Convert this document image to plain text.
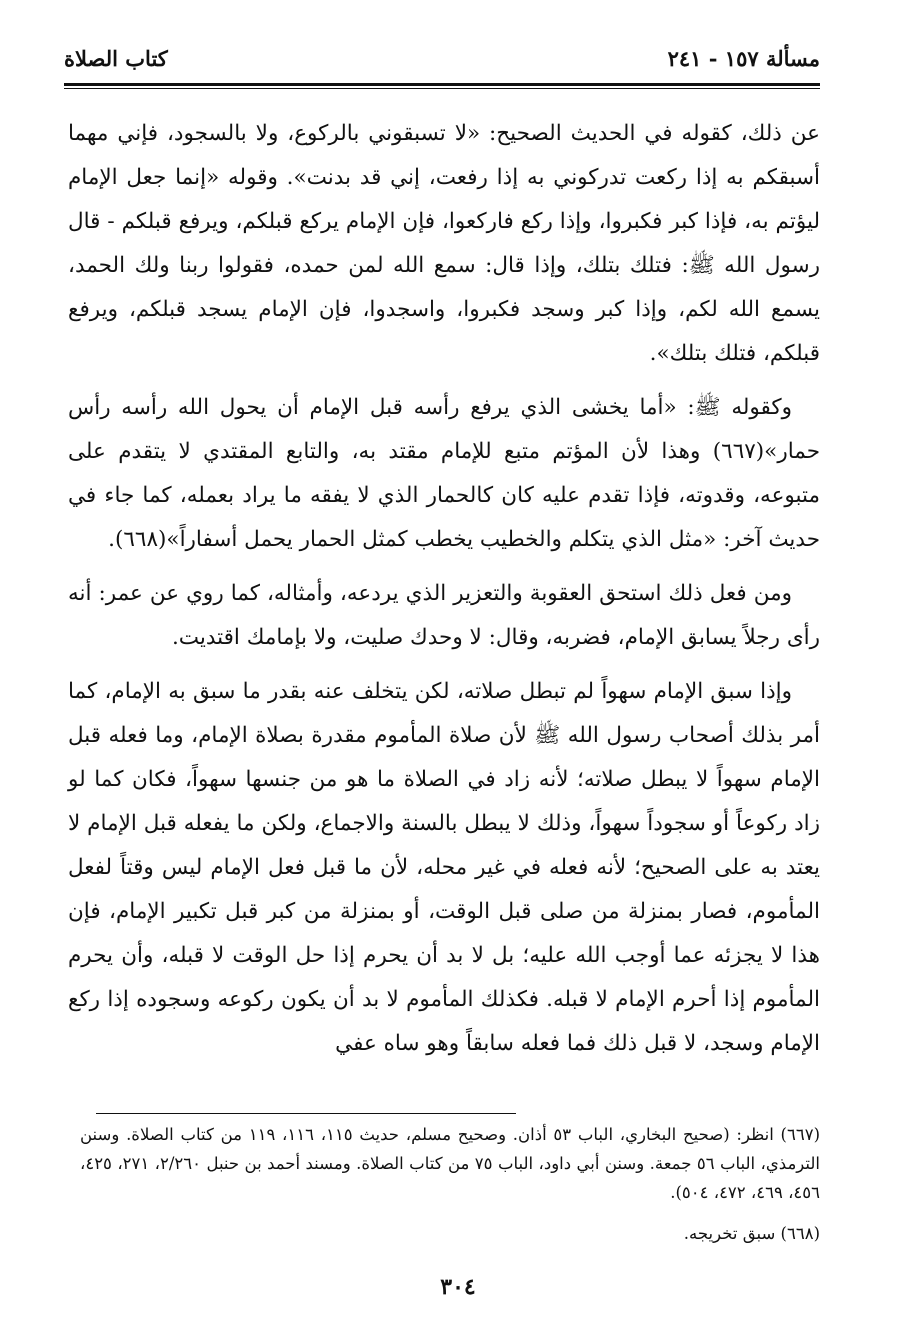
مسألة ١٥٧ - ٢٤١
كتاب الصلاة

عن ذلك، كقوله في الحديث الصحيح: «لا تسبقوني بالركوع، ولا بالسجود، فإني مهما أسبقكم به إذا ركعت تدركوني به إذا رفعت، إني قد بدنت». وقوله «إنما جعل الإمام ليؤتم به، فإذا كبر فكبروا، وإذا ركع فاركعوا، فإن الإمام يركع قبلكم، ويرفع قبلكم - قال رسول الله ﷺ: فتلك بتلك، وإذا قال: سمع الله لمن حمده، فقولوا ربنا ولك الحمد، يسمع الله لكم، وإذا كبر وسجد فكبروا، واسجدوا، فإن الإمام يسجد قبلكم، ويرفع قبلكم، فتلك بتلك».

وكقوله ﷺ: «أما يخشى الذي يرفع رأسه قبل الإمام أن يحول الله رأسه رأس حمار»(٦٦٧) وهذا لأن المؤتم متبع للإمام مقتد به، والتابع المقتدي لا يتقدم على متبوعه، وقدوته، فإذا تقدم عليه كان كالحمار الذي لا يفقه ما يراد بعمله، كما جاء في حديث آخر: «مثل الذي يتكلم والخطيب يخطب كمثل الحمار يحمل أسفاراً»(٦٦٨).

ومن فعل ذلك استحق العقوبة والتعزير الذي يردعه، وأمثاله، كما روي عن عمر: أنه رأى رجلاً يسابق الإمام، فضربه، وقال: لا وحدك صليت، ولا بإمامك اقتديت.

وإذا سبق الإمام سهواً لم تبطل صلاته، لكن يتخلف عنه بقدر ما سبق به الإمام، كما أمر بذلك أصحاب رسول الله ﷺ لأن صلاة المأموم مقدرة بصلاة الإمام، وما فعله قبل الإمام سهواً لا يبطل صلاته؛ لأنه زاد في الصلاة ما هو من جنسها سهواً، فكان كما لو زاد ركوعاً أو سجوداً سهواً، وذلك لا يبطل بالسنة والاجماع، ولكن ما يفعله قبل الإمام لا يعتد به على الصحيح؛ لأنه فعله في غير محله، لأن ما قبل فعل الإمام ليس وقتاً لفعل المأموم، فصار بمنزلة من صلى قبل الوقت، أو بمنزلة من كبر قبل تكبير الإمام، فإن هذا لا يجزئه عما أوجب الله عليه؛ بل لا بد أن يحرم إذا حل الوقت لا قبله، وأن يحرم المأموم إذا أحرم الإمام لا قبله. فكذلك المأموم لا بد أن يكون ركوعه وسجوده إذا ركع الإمام وسجد، لا قبل ذلك فما فعله سابقاً وهو ساه عفي

(٦٦٧) انظر: (صحيح البخاري، الباب ٥٣ أذان. وصحيح مسلم، حديث ١١٥، ١١٦، ١١٩ من كتاب الصلاة. وسنن الترمذي، الباب ٥٦ جمعة. وسنن أبي داود، الباب ٧٥ من كتاب الصلاة. ومسند أحمد بن حنبل ٢/٢٦٠، ٢٧١، ٤٢٥، ٤٥٦، ٤٦٩، ٤٧٢، ٥٠٤).

(٦٦٨) سبق تخريجه.

٣٠٤
